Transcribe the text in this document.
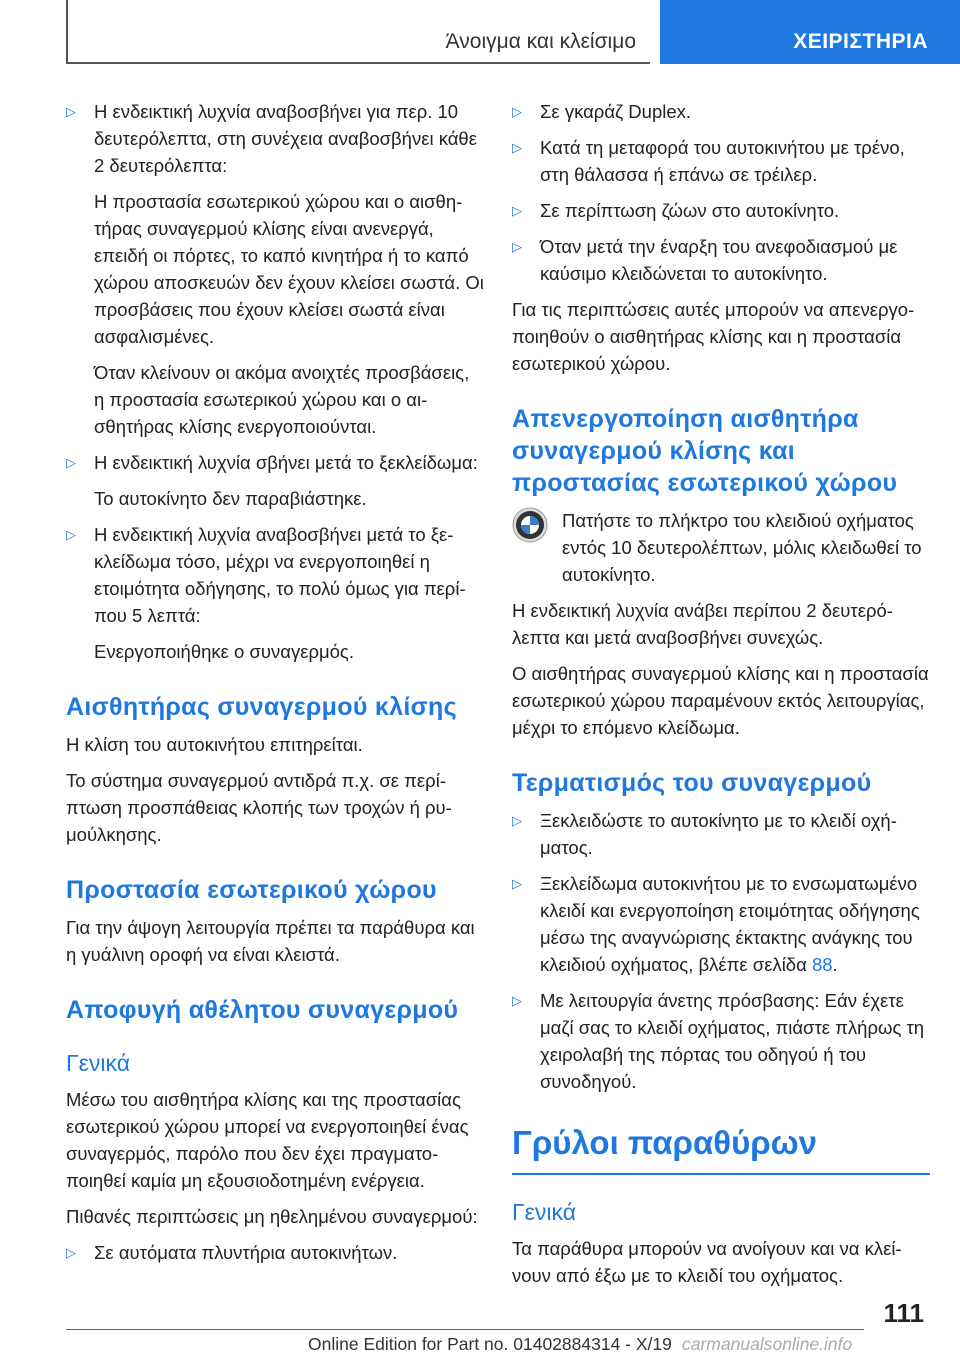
Άνοιγμα και κλείσιμο	ΧΕΙΡΙΣΤΗΡΙΑ
▷ Η ενδεικτική λυχνία αναβοσβήνει για περ. 10 δευτερόλεπτα, στη συνέχεια αναβοσβήνει κάθε 2 δευτερόλεπτα:

Η προστασία εσωτερικού χώρου και ο αισθητήρας συναγερμού κλίσης είναι ανενεργά, επειδή οι πόρτες, το καπό κινητήρα ή το καπό χώρου αποσκευών δεν έχουν κλείσει σωστά. Οι προσβάσεις που έχουν κλείσει σωστά είναι ασφαλισμένες.

Όταν κλείνουν οι ακόμα ανοιχτές προσβάσεις, η προστασία εσωτερικού χώρου και ο αισθητήρας κλίσης ενεργοποιούνται.

▷ Η ενδεικτική λυχνία σβήνει μετά το ξεκλείδωμα:

Το αυτοκίνητο δεν παραβιάστηκε.

▷ Η ενδεικτική λυχνία αναβοσβήνει μετά το ξεκλείδωμα τόσο, μέχρι να ενεργοποιηθεί η ετοιμότητα οδήγησης, το πολύ όμως για περίπου 5 λεπτά:

Ενεργοποιήθηκε ο συναγερμός.

Αισθητήρας συναγερμού κλίσης

Η κλίση του αυτοκινήτου επιτηρείται.

Το σύστημα συναγερμού αντιδρά π.χ. σε περίπτωση προσπάθειας κλοπής των τροχών ή ρυμούλκησης.

Προστασία εσωτερικού χώρου

Για την άψογη λειτουργία πρέπει τα παράθυρα και η γυάλινη οροφή να είναι κλειστά.

Αποφυγή αθέλητου συναγερμού
Γενικά

Μέσω του αισθητήρα κλίσης και της προστασίας εσωτερικού χώρου μπορεί να ενεργοποιηθεί ένας συναγερμός, παρόλο που δεν έχει πραγματοποιηθεί καμία μη εξουσιοδοτημένη ενέργεια.

Πιθανές περιπτώσεις μη ηθελημένου συναγερμού:

▷ Σε αυτόματα πλυντήρια αυτοκινήτων.

▷ Σε γκαράζ Duplex.

▷ Κατά τη μεταφορά του αυτοκινήτου με τρένο, στη θάλασσα ή επάνω σε τρέιλερ.

▷ Σε περίπτωση ζώων στο αυτοκίνητο.

▷ Όταν μετά την έναρξη του ανεφοδιασμού με καύσιμο κλειδώνεται το αυτοκίνητο.

Για τις περιπτώσεις αυτές μπορούν να απενεργοποιηθούν ο αισθητήρας κλίσης και η προστασία εσωτερικού χώρου.

Απενεργοποίηση αισθητήρα συναγερμού κλίσης και προστασίας εσωτερικού χώρου

Πατήστε το πλήκτρο του κλειδιού οχήματος εντός 10 δευτερολέπτων, μόλις κλειδωθεί το αυτοκίνητο.

Η ενδεικτική λυχνία ανάβει περίπου 2 δευτερόλεπτα και μετά αναβοσβήνει συνεχώς.

Ο αισθητήρας συναγερμού κλίσης και η προστασία εσωτερικού χώρου παραμένουν εκτός λειτουργίας, μέχρι το επόμενο κλείδωμα.

Τερματισμός του συναγερμού
▷ Ξεκλειδώστε το αυτοκίνητο με το κλειδί οχήματος.

▷ Ξεκλείδωμα αυτοκινήτου με το ενσωματωμένο κλειδί και ενεργοποίηση ετοιμότητας οδήγησης μέσω της αναγνώρισης έκτακτης ανάγκης του κλειδιού οχήματος, βλέπε σελίδα 88.

▷ Με λειτουργία άνετης πρόσβασης: Εάν έχετε μαζί σας το κλειδί οχήματος, πιάστε πλήρως τη χειρολαβή της πόρτας του οδηγού ή του συνοδηγού.

Γρύλοι παραθύρων
Γενικά

Τα παράθυρα μπορούν να ανοίγουν και να κλείνουν από έξω με το κλειδί του οχήματος.

111
Online Edition for Part no. 01402884314 - X/19 carmanualsonline.info
